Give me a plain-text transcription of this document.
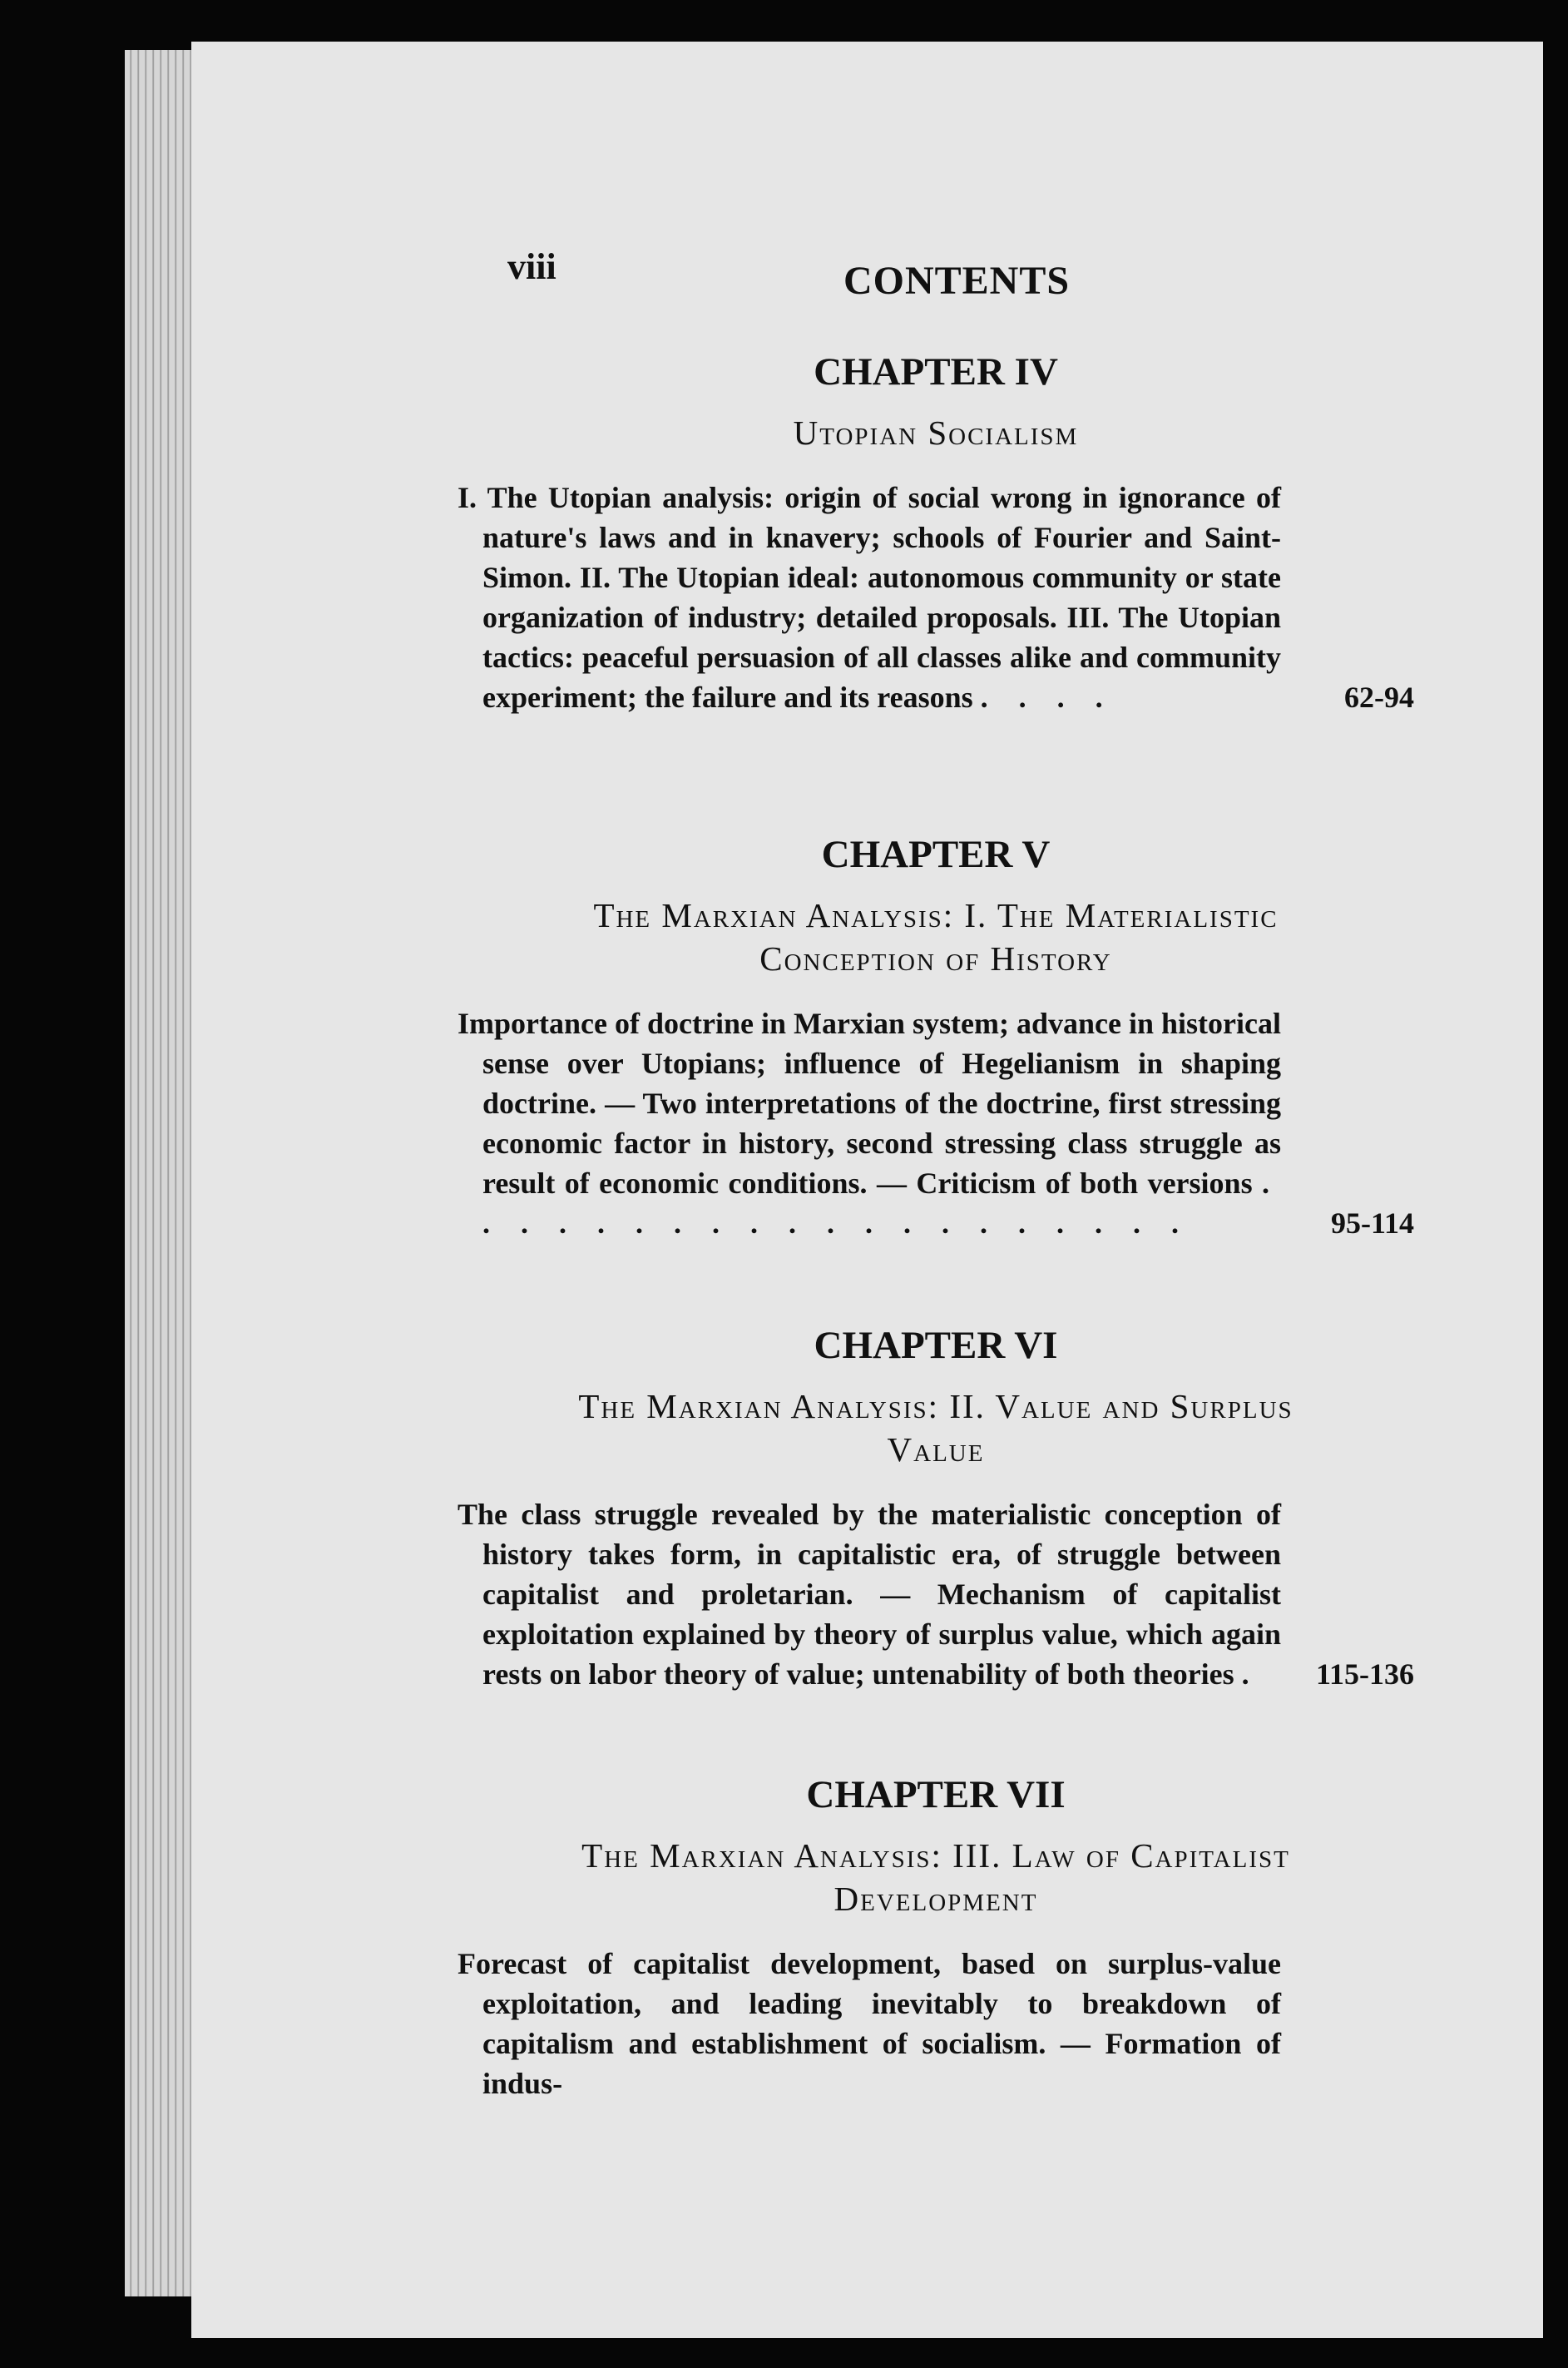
viii	CONTENTS
CHAPTER IV
Utopian Socialism
I. The Utopian analysis: origin of social wrong in ignorance of nature's laws and in knavery; schools of Fourier and Saint-Simon. II. The Utopian ideal: autonomous community or state organization of industry; detailed proposals. III. The Utopian tactics: peaceful persuasion of all classes alike and community experiment; the failure and its reasons . . . .	62-94
CHAPTER V
The Marxian Analysis: I. The Materialistic
Conception of History
Importance of doctrine in Marxian system; advance in historical sense over Utopians; influence of Hegelianism in shaping doctrine. — Two interpretations of the doctrine, first stressing economic factor in history, second stressing class struggle as result of economic conditions. — Criticism of both versions . . . . . . . . . . . . . . . . . . . .	95-114
CHAPTER VI
The Marxian Analysis: II. Value and Surplus
Value
The class struggle revealed by the materialistic conception of history takes form, in capitalistic era, of struggle between capitalist and proletarian. — Mechanism of capitalist exploitation explained by theory of surplus value, which again rests on labor theory of value; untenability of both theories . 115-136
CHAPTER VII
The Marxian Analysis: III. Law of Capitalist
Development
Forecast of capitalist development, based on surplus-value exploitation, and leading inevitably to breakdown of capitalism and establishment of socialism. — Formation of indus-
